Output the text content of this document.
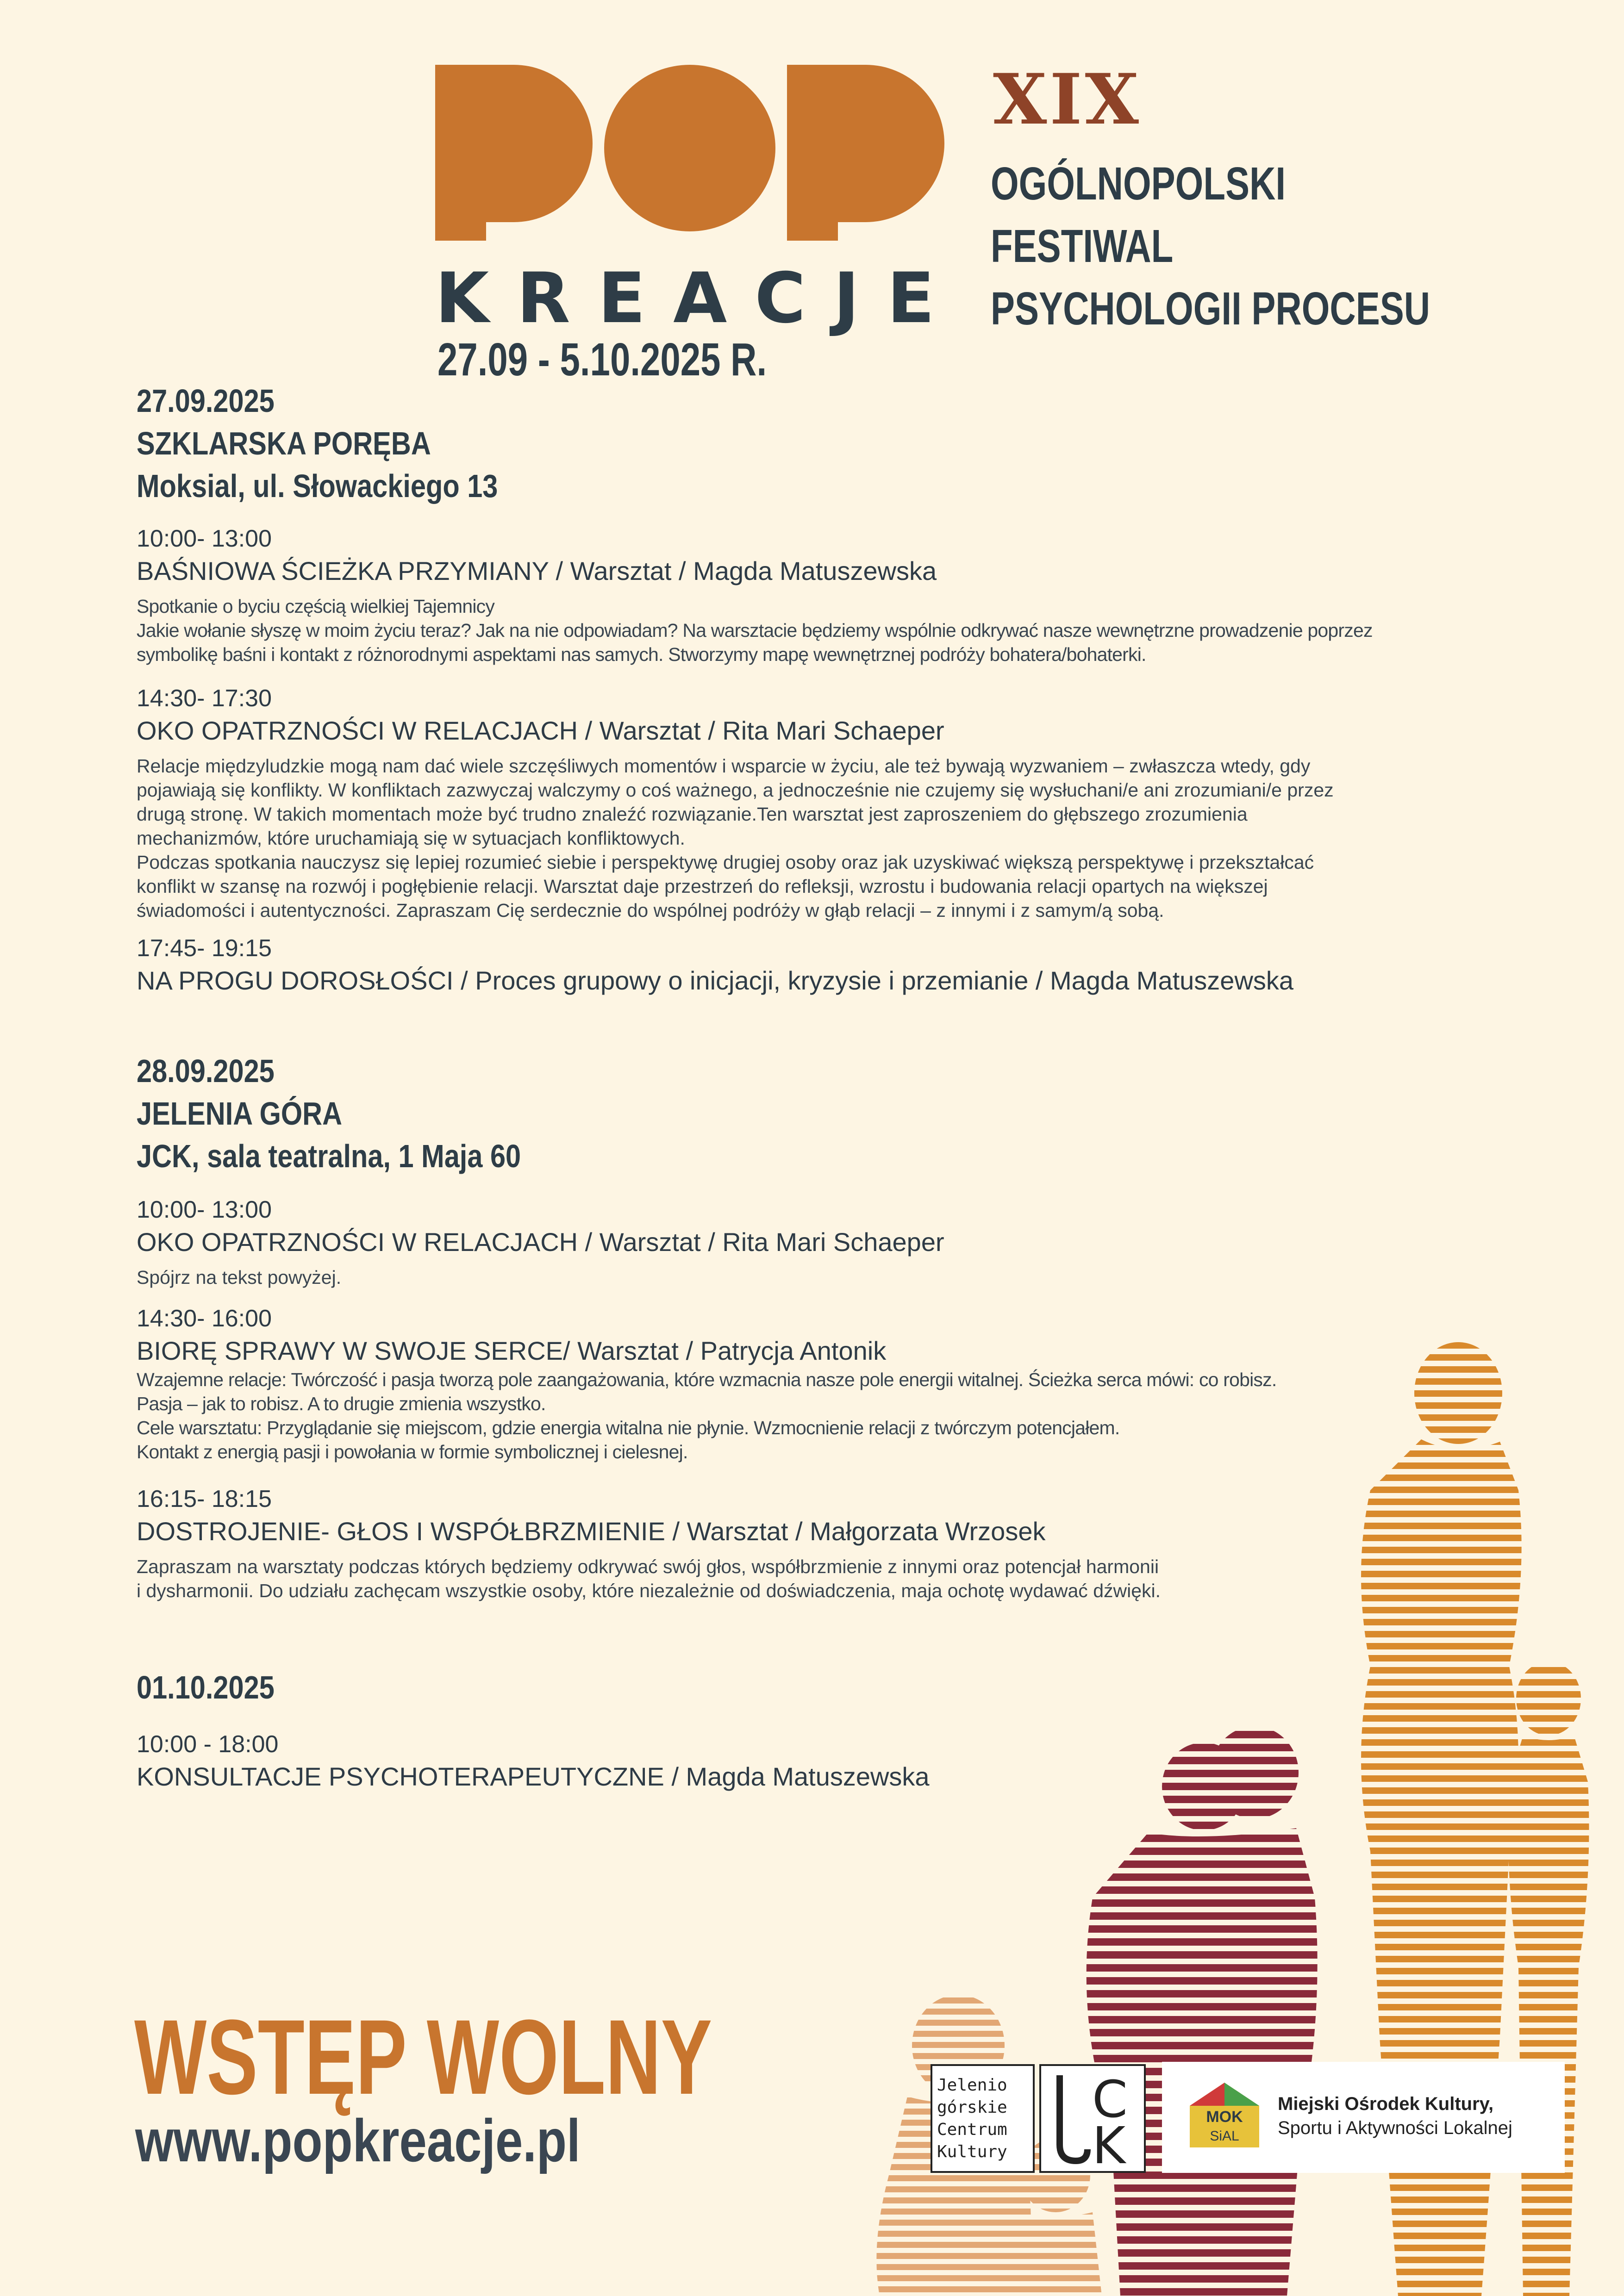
KREACJE
27.09 - 5.10.2025 R.
XIX
OGÓLNOPOLSKI
FESTIWAL
PSYCHOLOGII PROCESU
27.09.2025
SZKLARSKA PORĘBA
Moksial, ul. Słowackiego 13
10:00- 13:00
BAŚNIOWA ŚCIEŻKA PRZYMIANY / Warsztat / Magda Matuszewska
Spotkanie o byciu częścią wielkiej Tajemnicy
Jakie wołanie słyszę w moim życiu teraz? Jak na nie odpowiadam? Na warsztacie będziemy wspólnie odkrywać nasze wewnętrzne prowadzenie poprzez
symbolikę baśni i kontakt z różnorodnymi aspektami nas samych. Stworzymy mapę wewnętrznej podróży bohatera/bohaterki.
14:30- 17:30
OKO OPATRZNOŚCI W RELACJACH / Warsztat / Rita Mari Schaeper
Relacje międzyludzkie mogą nam dać wiele szczęśliwych momentów i wsparcie w życiu, ale też bywają wyzwaniem – zwłaszcza wtedy, gdy
pojawiają się konflikty. W konfliktach zazwyczaj walczymy o coś ważnego, a jednocześnie nie czujemy się wysłuchani/e ani zrozumiani/e przez
drugą stronę. W takich momentach może być trudno znaleźć rozwiązanie.Ten warsztat jest zaproszeniem do głębszego zrozumienia
mechanizmów, które uruchamiają się w sytuacjach konfliktowych.
Podczas spotkania nauczysz się lepiej rozumieć siebie i perspektywę drugiej osoby oraz jak uzyskiwać większą perspektywę i przekształcać
konflikt w szansę na rozwój i pogłębienie relacji. Warsztat daje przestrzeń do refleksji, wzrostu i budowania relacji opartych na większej
świadomości i autentyczności. Zapraszam Cię serdecznie do wspólnej podróży w głąb relacji – z innymi i z samym/ą sobą.
17:45- 19:15
NA PROGU DOROSŁOŚCI / Proces grupowy o inicjacji, kryzysie i przemianie / Magda Matuszewska
28.09.2025
JELENIA GÓRA
JCK, sala teatralna, 1 Maja 60
10:00- 13:00
OKO OPATRZNOŚCI W RELACJACH / Warsztat / Rita Mari Schaeper
Spójrz na tekst powyżej.
14:30- 16:00
BIORĘ SPRAWY W SWOJE SERCE/ Warsztat / Patrycja Antonik
Wzajemne relacje: Twórczość i pasja tworzą pole zaangażowania, które wzmacnia nasze pole energii witalnej. Ścieżka serca mówi: co robisz.
Pasja – jak to robisz. A to drugie zmienia wszystko.
Cele warsztatu: Przyglądanie się miejscom, gdzie energia witalna nie płynie. Wzmocnienie relacji z twórczym potencjałem.
Kontakt z energią pasji i powołania w formie symbolicznej i cielesnej.
16:15- 18:15
DOSTROJENIE- GŁOS I WSPÓŁBRZMIENIE / Warsztat / Małgorzata Wrzosek
Zapraszam na warsztaty podczas których będziemy odkrywać swój głos, współbrzmienie z innymi oraz potencjał harmonii
i dysharmonii. Do udziału zachęcam wszystkie osoby, które niezależnie od doświadczenia, maja ochotę wydawać dźwięki.
01.10.2025
10:00 - 18:00
KONSULTACJE PSYCHOTERAPEUTYCZNE / Magda Matuszewska
WSTĘP WOLNY
www.popkreacje.pl
Jelenio
górskie
Centrum
Kultury
C
K
JCK
MOK
SiAL
Miejski Ośrodek Kultury,
Sportu i Aktywności Lokalnej
